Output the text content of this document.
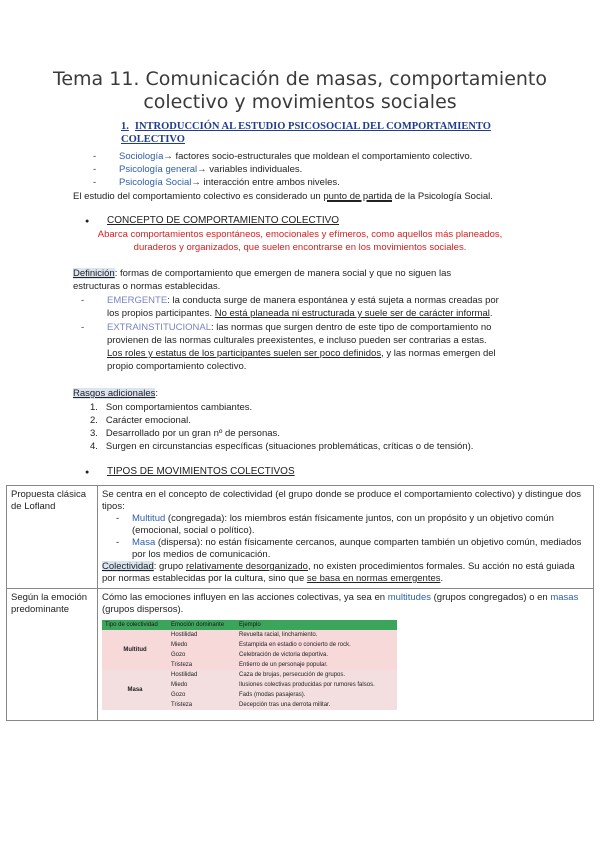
Tema 11. Comunicación de masas, comportamiento colectivo y movimientos sociales
1. INTRODUCCIÓN AL ESTUDIO PSICOSOCIAL DEL COMPORTAMIENTO COLECTIVO
- Sociología→ factores socio-estructurales que moldean el comportamiento colectivo.
- Psicología general→ variables individuales.
- Psicología Social→ interacción entre ambos niveles.
El estudio del comportamiento colectivo es considerado un punto de partida de la Psicología Social.
● CONCEPTO DE COMPORTAMIENTO COLECTIVO
Abarca comportamientos espontáneos, emocionales y efímeros, como aquellos más planeados,
duraderos y organizados, que suelen encontrarse en los movimientos sociales.
Definición: formas de comportamiento que emergen de manera social y que no siguen las
estructuras o normas establecidas.
- EMERGENTE: la conducta surge de manera espontánea y está sujeta a normas creadas por
los propios participantes. No está planeada ni estructurada y suele ser de carácter informal.
- EXTRAINSTITUCIONAL: las normas que surgen dentro de este tipo de comportamiento no
provienen de las normas culturales preexistentes, e incluso pueden ser contrarias a estas.
Los roles y estatus de los participantes suelen ser poco definidos, y las normas emergen del
propio comportamiento colectivo.
Rasgos adicionales:
1. Son comportamientos cambiantes.
2. Carácter emocional.
3. Desarrollado por un gran nº de personas.
4. Surgen en circunstancias específicas (situaciones problemáticas, críticas o de tensión).
● TIPOS DE MOVIMIENTOS COLECTIVOS
Propuesta clásica de Lofland	
Se centra en el concepto de colectividad (el grupo donde se produce el comportamiento colectivo) y distingue dos tipos:
- Multitud (congregada): los miembros están físicamente juntos, con un propósito y un objetivo común (emocional, social o político).
- Masa (dispersa): no están físicamente cercanos, aunque comparten también un objetivo común, mediados por los medios de comunicación.
Colectividad: grupo relativamente desorganizado, no existen procedimientos formales. Su acción no está guiada por normas establecidas por la cultura, sino que se basa en normas emergentes.

Según la emoción predominante	
Cómo las emociones influyen en las acciones colectivas, ya sea en multitudes (grupos congregados) o en masas (grupos dispersos).
Tipo de colectividad	Emoción dominante	Ejemplo
Multitud	Hostilidad	Revuelta racial, linchamiento.
Miedo	Estampida en estadio o concierto de rock.
Gozo	Celebración de victoria deportiva.
Tristeza	Entierro de un personaje popular.
Masa	Hostilidad	Caza de brujas, persecución de grupos.
Miedo	Ilusiones colectivas producidas por rumores falsos.
Gozo	Fads (modas pasajeras).
Tristeza	Decepción tras una derrota militar.
